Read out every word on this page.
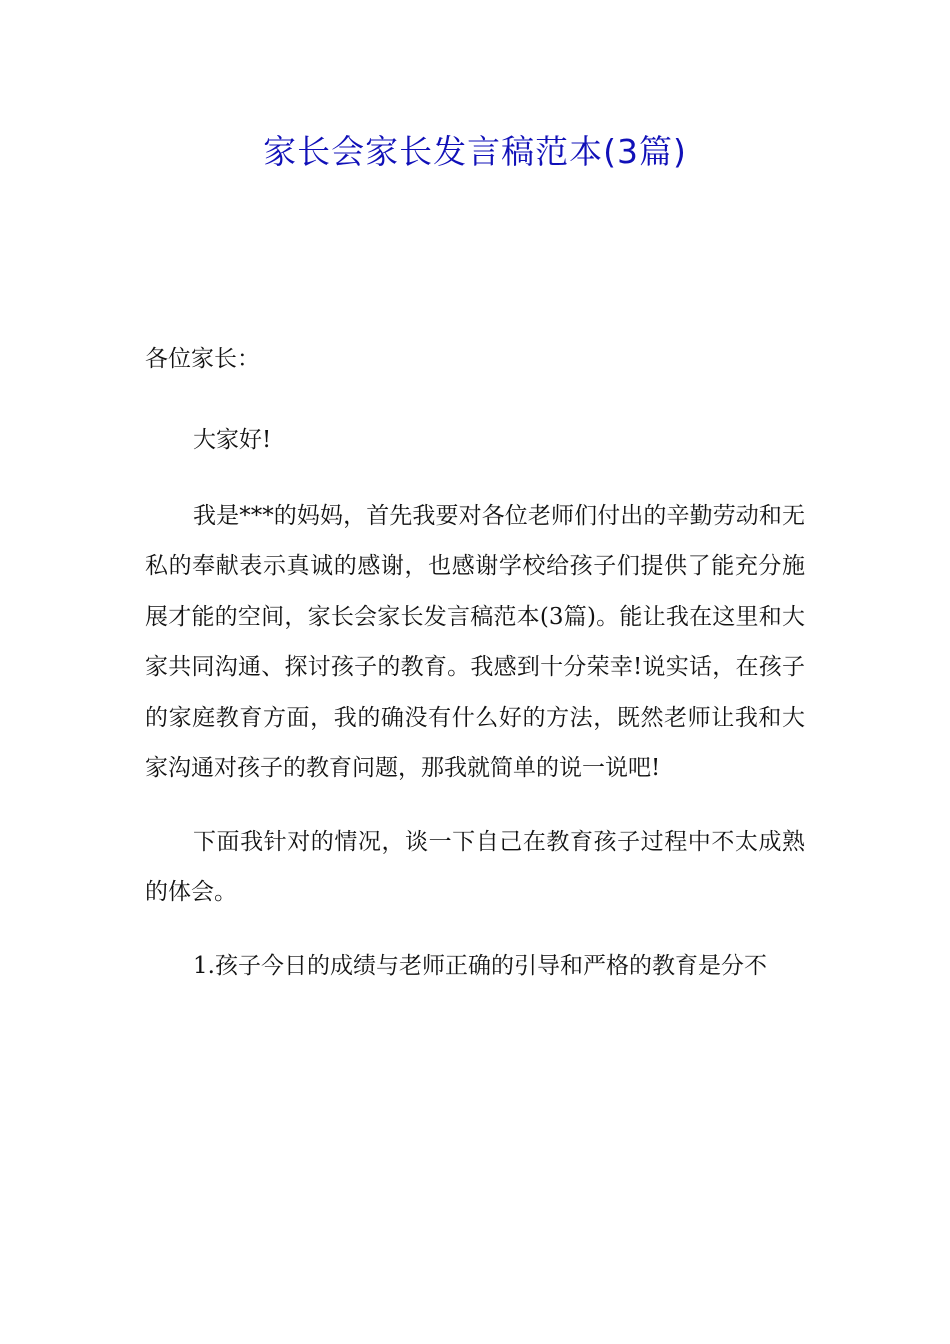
家长会家长发言稿范本(3篇)

各位家长：

大家好!

我是***的妈妈，首先我要对各位老师们付出的辛勤劳动和无私的奉献表示真诚的感谢，也感谢学校给孩子们提供了能充分施展才能的空间，家长会家长发言稿范本(3篇)。能让我在这里和大家共同沟通、探讨孩子的教育。我感到十分荣幸!说实话，在孩子的家庭教育方面，我的确没有什么好的方法，既然老师让我和大家沟通对孩子的教育问题，那我就简单的说一说吧!

下面我针对的情况，谈一下自己在教育孩子过程中不太成熟的体会。

1.孩子今日的成绩与老师正确的引导和严格的教育是分不
